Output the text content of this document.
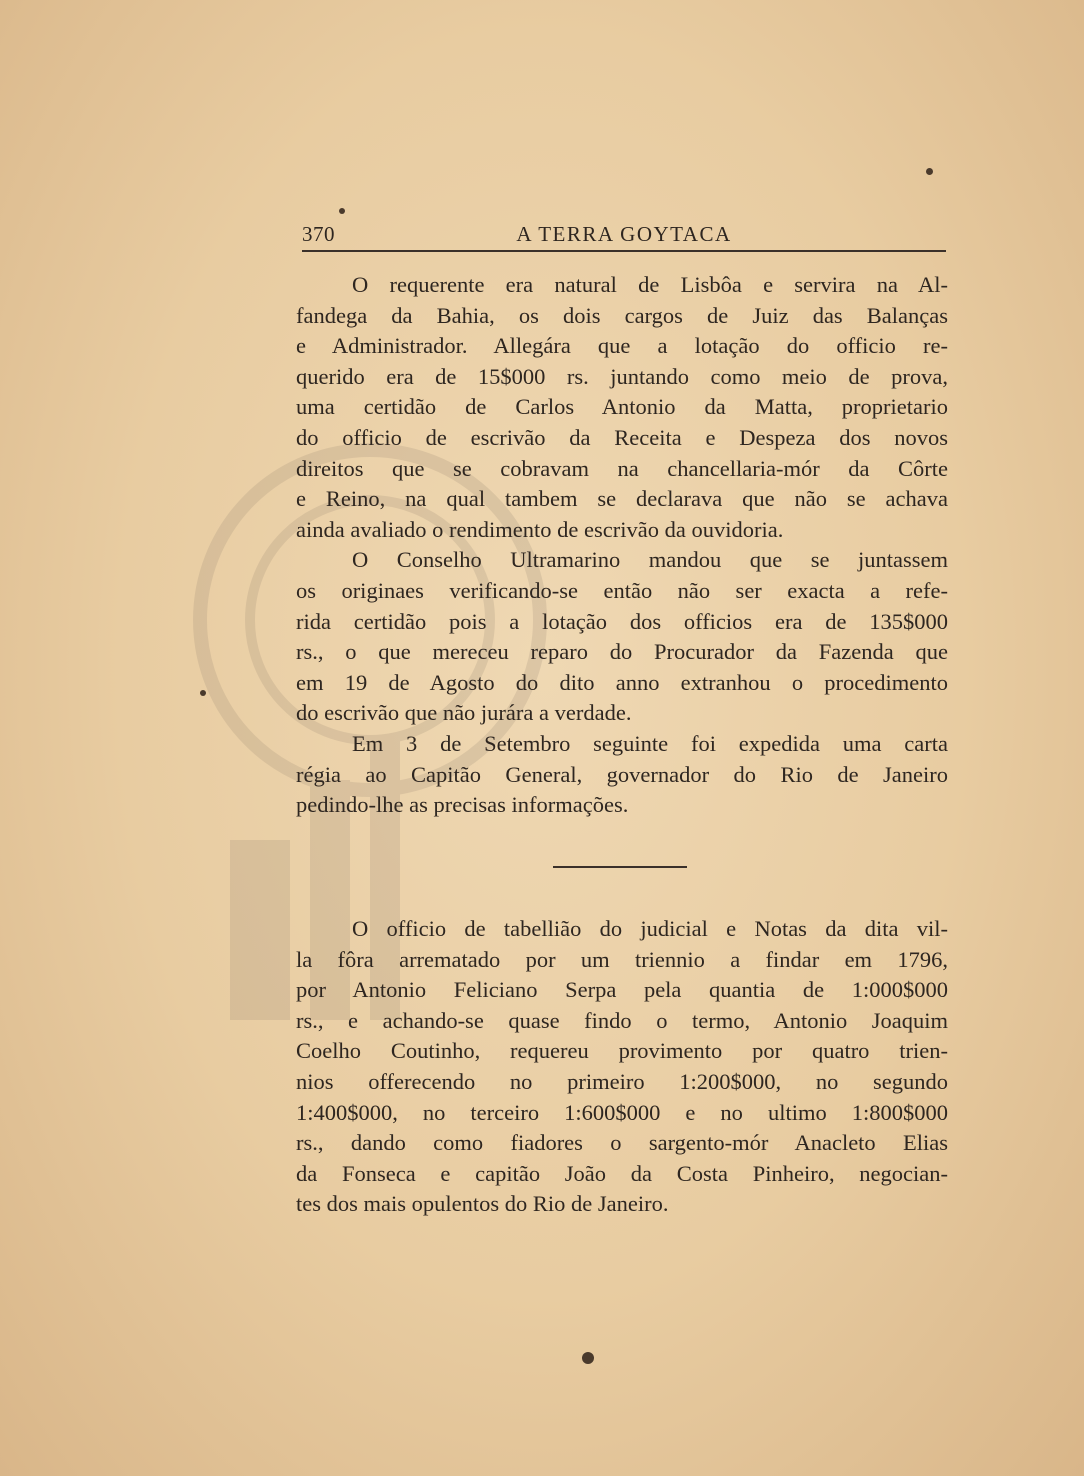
370	A TERRA GOYTACA
O requerente era natural de Lisbôa e servira na Al-
fandega da Bahia, os dois cargos de Juiz das Balanças
e Administrador. Allegára que a lotação do officio re-
querido era de 15$000 rs. juntando como meio de prova,
uma certidão de Carlos Antonio da Matta, proprietario
do officio de escrivão da Receita e Despeza dos novos
direitos que se cobravam na chancellaria-mór da Côrte
e Reino, na qual tambem se declarava que não se achava
ainda avaliado o rendimento de escrivão da ouvidoria.
O Conselho Ultramarino mandou que se juntassem
os originaes verificando-se então não ser exacta a refe-
rida certidão pois a lotação dos officios era de 135$000
rs., o que mereceu reparo do Procurador da Fazenda que
em 19 de Agosto do dito anno extranhou o procedimento
do escrivão que não jurára a verdade.
Em 3 de Setembro seguinte foi expedida uma carta
régia ao Capitão General, governador do Rio de Janeiro
pedindo-lhe as precisas informações.
O officio de tabellião do judicial e Notas da dita vil-
la fôra arrematado por um triennio a findar em 1796,
por Antonio Feliciano Serpa pela quantia de 1:000$000
rs., e achando-se quase findo o termo, Antonio Joaquim
Coelho Coutinho, requereu provimento por quatro trien-
nios offerecendo no primeiro 1:200$000, no segundo
1:400$000, no terceiro 1:600$000 e no ultimo 1:800$000
rs., dando como fiadores o sargento-mór Anacleto Elias
da Fonseca e capitão João da Costa Pinheiro, negocian-
tes dos mais opulentos do Rio de Janeiro.
